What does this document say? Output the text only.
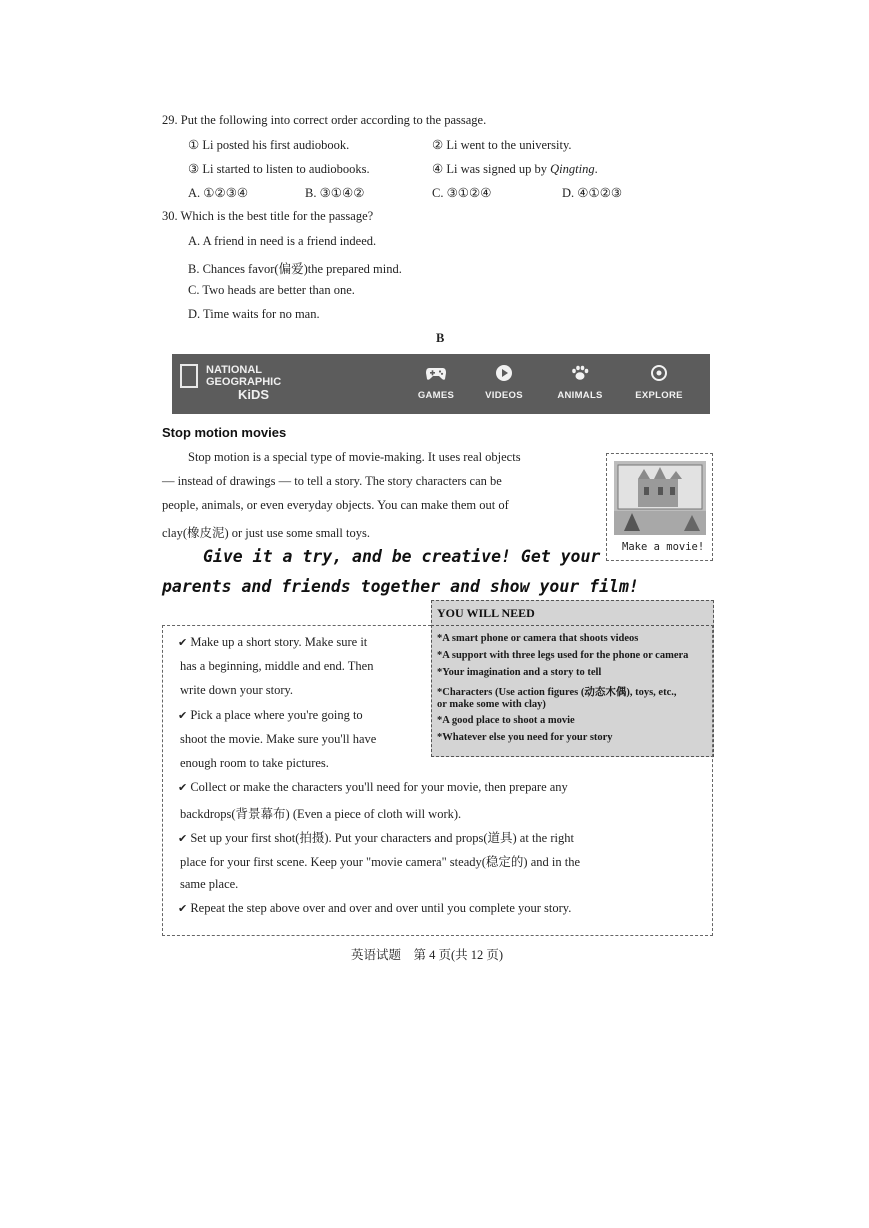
29. Put the following into correct order according to the passage.
① Li posted his first audiobook.	② Li went to the university.
③ Li started to listen to audiobooks.	④ Li was signed up by Qingting.
A. ①②③④	B. ③①④②	C. ③①②④	D. ④①②③
30. Which is the best title for the passage?
A. A friend in need is a friend indeed.
B. Chances favor(偏爱)the prepared mind.
C. Two heads are better than one.
D. Time waits for no man.
B
NATIONAL
GEOGRAPHIC
KiDS	GAMES	VIDEOS	ANIMALS	EXPLORE
Stop motion movies
Stop motion is a special type of movie-making. It uses real objects
— instead of drawings — to tell a story. The story characters can be
people, animals, or even everyday objects. You can make them out of
clay(橡皮泥) or just use some small toys.
Give it a try, and be creative! Get your
parents and friends together and show your film!
Make a movie!
YOU WILL NEED
*A smart phone or camera that shoots videos
*A support with three legs used for the phone or camera
*Your imagination and a story to tell
*Characters (Use action figures (动态木偶), toys, etc.,
or make some with clay)
*A good place to shoot a movie
*Whatever else you need for your story
✔ Make up a short story. Make sure it
has a beginning, middle and end. Then
write down your story.
✔ Pick a place where you're going to
shoot the movie. Make sure you'll have
enough room to take pictures.
✔ Collect or make the characters you'll need for your movie, then prepare any
backdrops(背景幕布) (Even a piece of cloth will work).
✔ Set up your first shot(拍摄). Put your characters and props(道具) at the right
place for your first scene. Keep your "movie camera" steady(稳定的) and in the
same place.
✔ Repeat the step above over and over and over until you complete your story.
英语试题　第 4 页(共 12 页)
